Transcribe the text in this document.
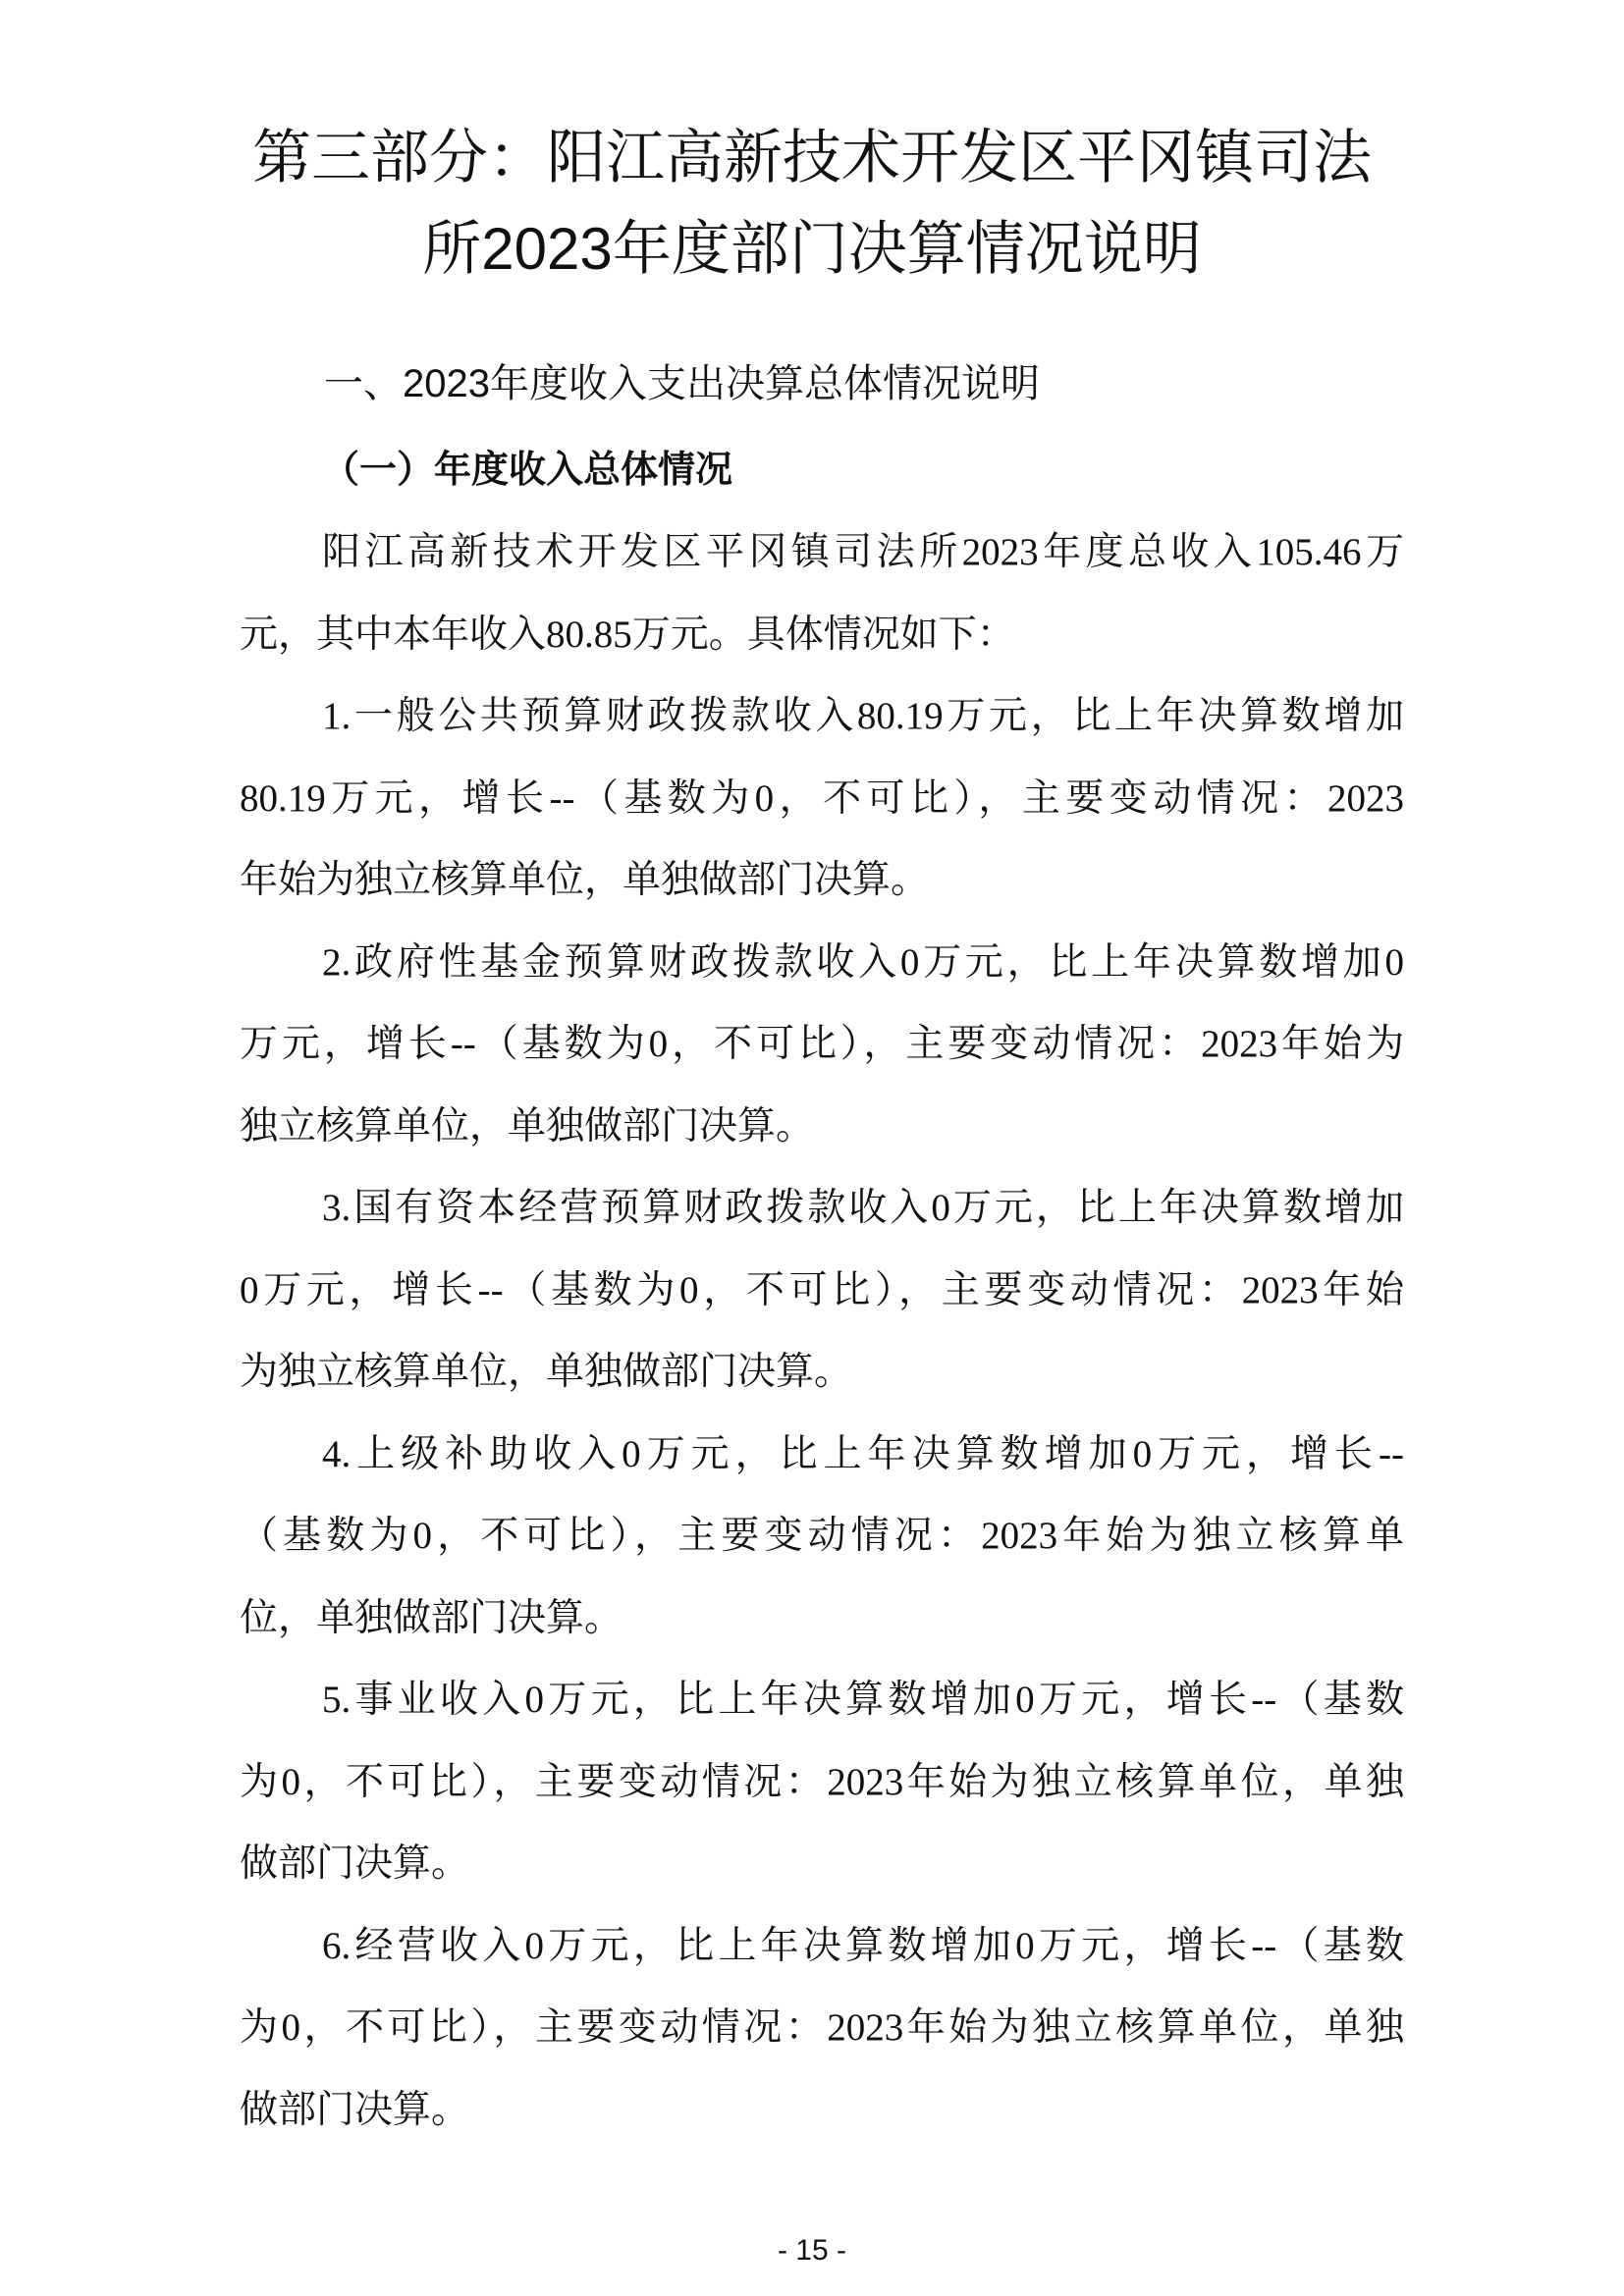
第三部分：阳江高新技术开发区平冈镇司法
所2023年度部门决算情况说明
一、2023年度收入支出决算总体情况说明
（一）年度收入总体情况
阳江高新技术开发区平冈镇司法所2023年度总收入105.46万
元，其中本年收入80.85万元。具体情况如下：
1.一般公共预算财政拨款收入80.19万元，比上年决算数增加
80.19万元，增长--（基数为0，不可比），主要变动情况：2023
年始为独立核算单位，单独做部门决算。
2.政府性基金预算财政拨款收入0万元，比上年决算数增加0
万元，增长--（基数为0，不可比），主要变动情况：2023年始为
独立核算单位，单独做部门决算。
3.国有资本经营预算财政拨款收入0万元，比上年决算数增加
0万元，增长--（基数为0，不可比），主要变动情况：2023年始
为独立核算单位，单独做部门决算。
4.上级补助收入0万元，比上年决算数增加0万元，增长--
（基数为0，不可比），主要变动情况：2023年始为独立核算单
位，单独做部门决算。
5.事业收入0万元，比上年决算数增加0万元，增长--（基数
为0，不可比），主要变动情况：2023年始为独立核算单位，单独
做部门决算。
6.经营收入0万元，比上年决算数增加0万元，增长--（基数
为0，不可比），主要变动情况：2023年始为独立核算单位，单独
做部门决算。
- 15 -
